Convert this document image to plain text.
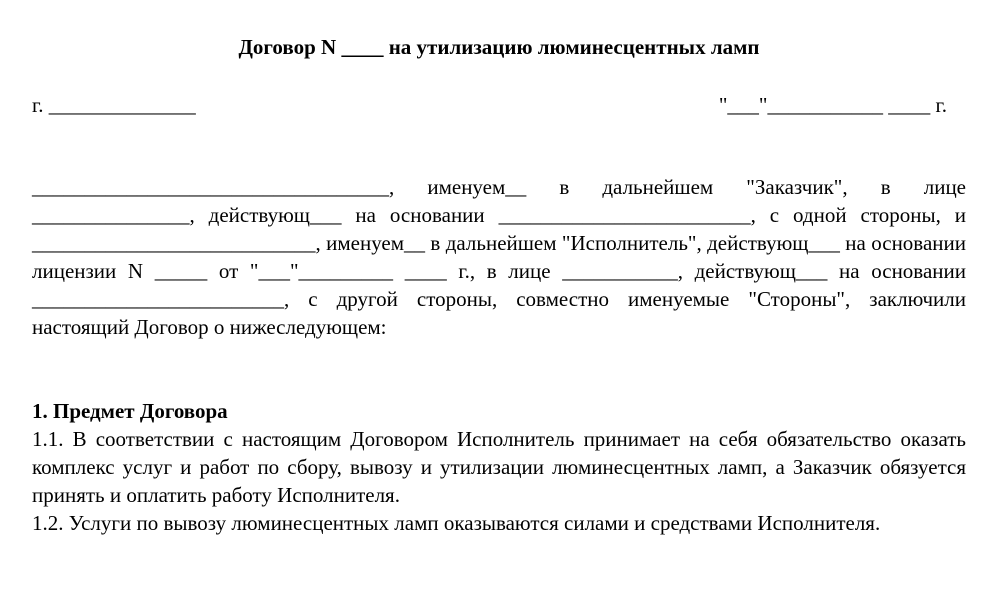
Договор N ____ на утилизацию люминесцентных ламп
г. ______________	"___"___________ ____ г.

__________________________________, именуем__ в дальнейшем "Заказчик", в лице _______________, действующ___ на основании ________________________, с одной стороны, и ___________________________, именуем__ в дальнейшем "Исполнитель", действующ___ на основании лицензии N _____ от "___"_________ ____ г., в лице ___________, действующ___ на основании ________________________, с другой стороны, совместно именуемые "Стороны", заключили настоящий Договор о нижеследующем:

1. Предмет Договора

1.1. В соответствии с настоящим Договором Исполнитель принимает на себя обязательство оказать комплекс услуг и работ по сбору, вывозу и утилизации люминесцентных ламп, а Заказчик обязуется принять и оплатить работу Исполнителя.

1.2. Услуги по вывозу люминесцентных ламп оказываются силами и средствами Исполнителя.
